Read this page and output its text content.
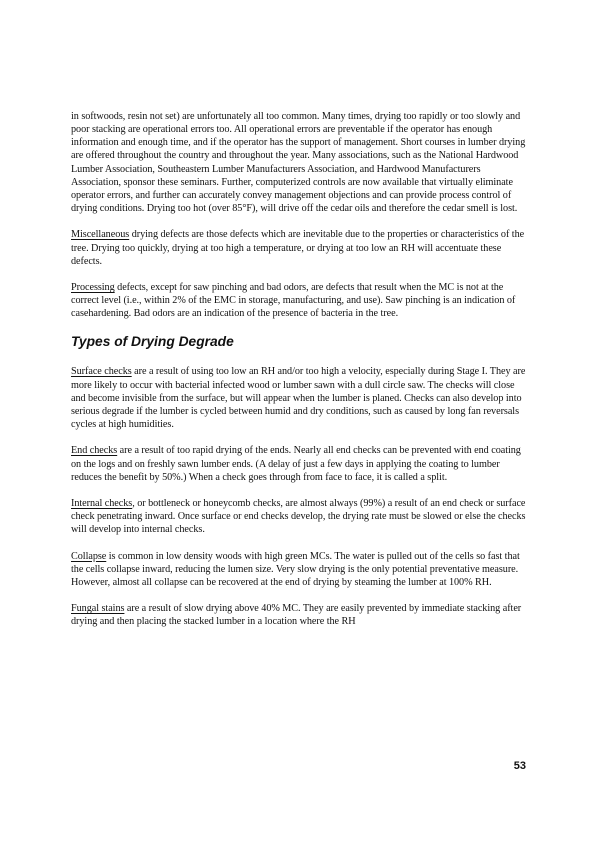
in softwoods, resin not set) are unfortunately all too common. Many times, drying too rapidly or too slowly and poor stacking are operational errors too. All operational errors are preventable if the operator has enough information and enough time, and if the operator has the support of management. Short courses in lumber drying are offered throughout the country and throughout the year. Many associations, such as the National Hardwood Lumber Association, Southeastern Lumber Manufacturers Association, and Hardwood Manufacturers Association, sponsor these seminars. Further, computerized controls are now available that virtually eliminate operator errors, and further can accurately convey management objections and can provide process control of drying conditions. Drying too hot (over 85°F), will drive off the cedar oils and therefore the cedar smell is lost.

Miscellaneous drying defects are those defects which are inevitable due to the properties or characteristics of the tree. Drying too quickly, drying at too high a temperature, or drying at too low an RH will accentuate these defects.

Processing defects, except for saw pinching and bad odors, are defects that result when the MC is not at the correct level (i.e., within 2% of the EMC in storage, manufacturing, and use). Saw pinching is an indication of casehardening. Bad odors are an indication of the presence of bacteria in the tree.

Types of Drying Degrade

Surface checks are a result of using too low an RH and/or too high a velocity, especially during Stage I. They are more likely to occur with bacterial infected wood or lumber sawn with a dull circle saw. The checks will close and become invisible from the surface, but will appear when the lumber is planed. Checks can also develop into serious degrade if the lumber is cycled between humid and dry conditions, such as caused by long fan reversals cycles at high humidities.

End checks are a result of too rapid drying of the ends. Nearly all end checks can be prevented with end coating on the logs and on freshly sawn lumber ends. (A delay of just a few days in applying the coating to lumber reduces the benefit by 50%.) When a check goes through from face to face, it is called a split.

Internal checks, or bottleneck or honeycomb checks, are almost always (99%) a result of an end check or surface check penetrating inward. Once surface or end checks develop, the drying rate must be slowed or else the checks will develop into internal checks.

Collapse is common in low density woods with high green MCs. The water is pulled out of the cells so fast that the cells collapse inward, reducing the lumen size. Very slow drying is the only potential preventative measure. However, almost all collapse can be recovered at the end of drying by steaming the lumber at 100% RH.

Fungal stains are a result of slow drying above 40% MC. They are easily prevented by immediate stacking after drying and then placing the stacked lumber in a location where the RH

53
